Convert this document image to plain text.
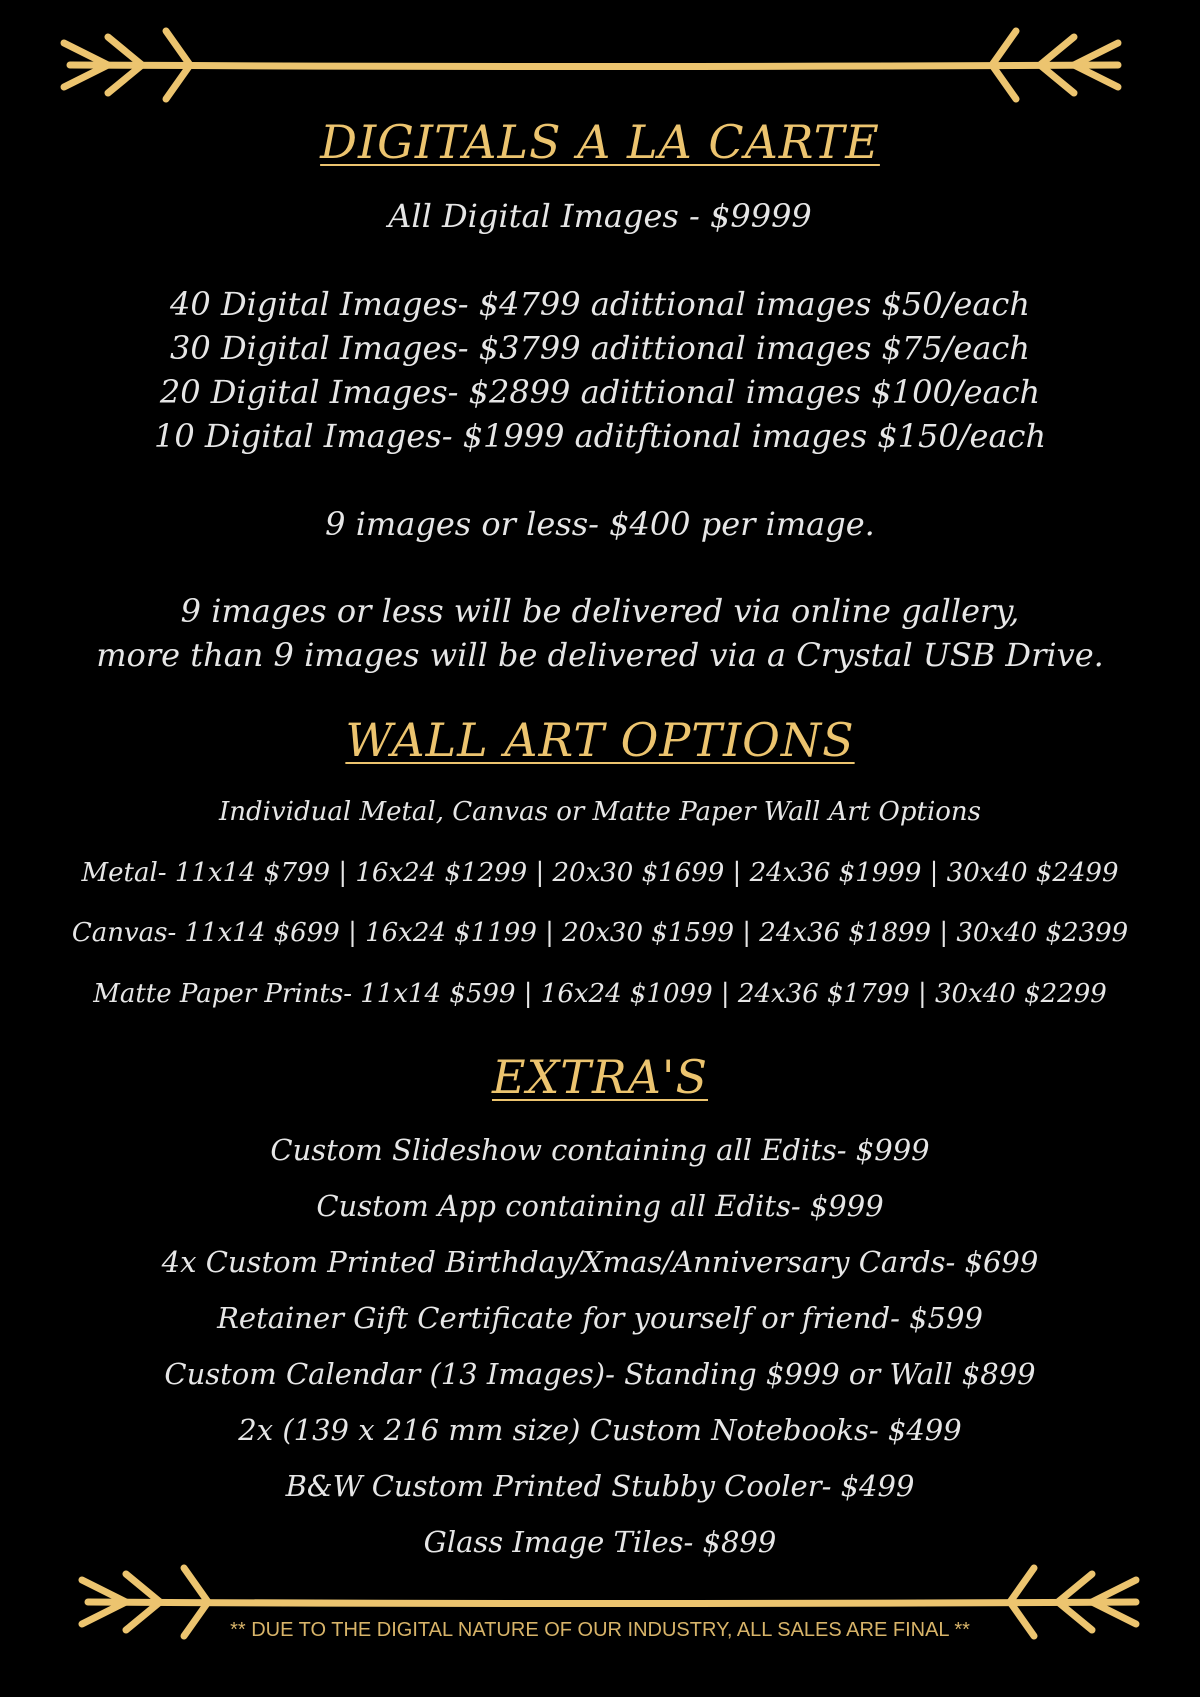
DIGITALS A LA CARTE
All Digital Images - $9999
40 Digital Images- $4799 adittional images $50/each
30 Digital Images- $3799 adittional images $75/each
20 Digital Images- $2899 adittional images $100/each
10 Digital Images- $1999 aditftional images $150/each
9 images or less- $400 per image.
9 images or less will be delivered via online gallery,
more than 9 images will be delivered via a Crystal USB Drive.
WALL ART OPTIONS
Individual Metal, Canvas or Matte Paper Wall Art Options
Metal- 11x14 $799 | 16x24 $1299 | 20x30 $1699 | 24x36 $1999 | 30x40 $2499
Canvas- 11x14 $699 | 16x24 $1199 | 20x30 $1599 | 24x36 $1899 | 30x40 $2399
Matte Paper Prints- 11x14 $599 | 16x24 $1099 | 24x36 $1799 | 30x40 $2299
EXTRA'S
Custom Slideshow containing all Edits- $999
Custom App containing all Edits- $999
4x Custom Printed Birthday/Xmas/Anniversary Cards- $699
Retainer Gift Certificate for yourself or friend- $599
Custom Calendar (13 Images)- Standing $999 or Wall $899
2x (139 x 216 mm size) Custom Notebooks- $499
B&W Custom Printed Stubby Cooler- $499
Glass Image Tiles- $899
** DUE TO THE DIGITAL NATURE OF OUR INDUSTRY, ALL SALES ARE FINAL **
